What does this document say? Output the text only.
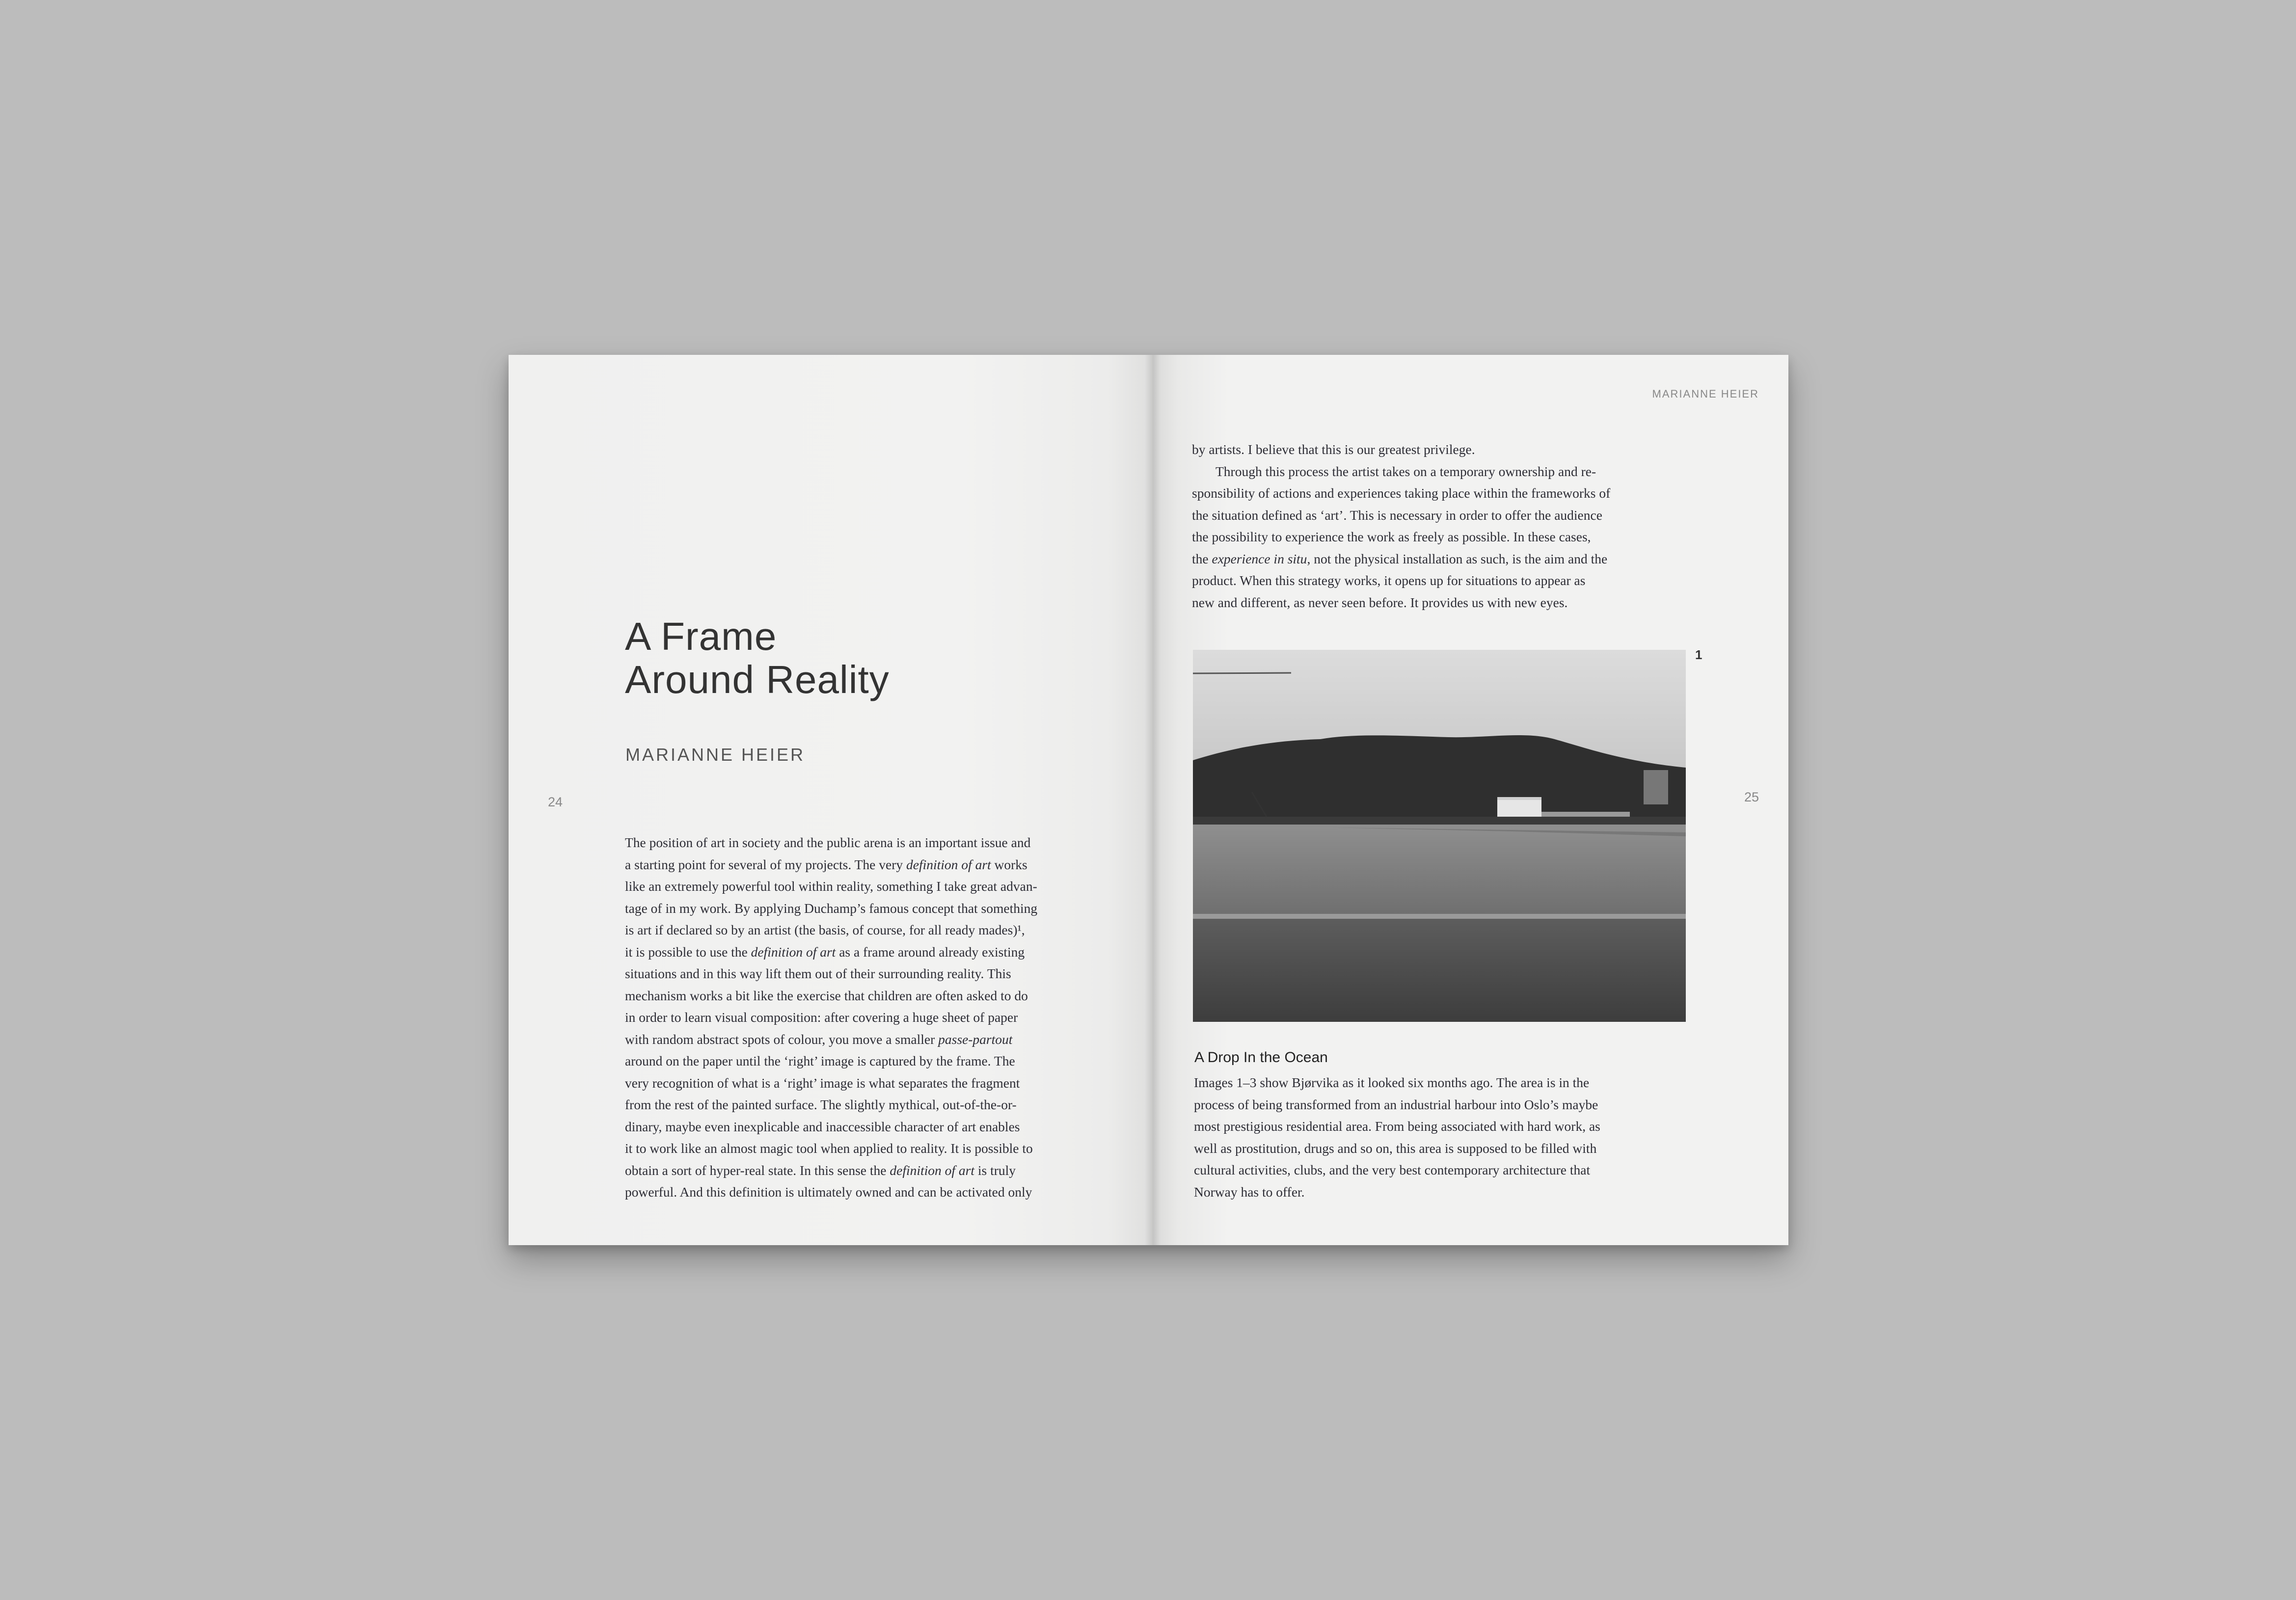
A Frame
Around Reality
MARIANNE HEIER
24
The position of art in society and the public arena is an important issue and
a starting point for several of my projects. The very definition of art works
like an extremely powerful tool within reality, something I take great advan-
tage of in my work. By applying Duchamp’s famous concept that something
is art if declared so by an artist (the basis, of course, for all ready mades)¹,
it is possible to use the definition of art as a frame around already existing
situations and in this way lift them out of their surrounding reality. This
mechanism works a bit like the exercise that children are often asked to do
in order to learn visual composition: after covering a huge sheet of paper
with random abstract spots of colour, you move a smaller passe-partout
around on the paper until the ‘right’ image is captured by the frame. The
very recognition of what is a ‘right’ image is what separates the fragment
from the rest of the painted surface. The slightly mythical, out-of-the-or-
dinary, maybe even inexplicable and inaccessible character of art enables
it to work like an almost magic tool when applied to reality. It is possible to
obtain a sort of hyper-real state. In this sense the definition of art is truly
powerful. And this definition is ultimately owned and can be activated only
MARIANNE HEIER
25
by artists. I believe that this is our greatest privilege.
Through this process the artist takes on a temporary ownership and re-
sponsibility of actions and experiences taking place within the frameworks of
the situation defined as ‘art’. This is necessary in order to offer the audience
the possibility to experience the work as freely as possible. In these cases,
the experience in situ, not the physical installation as such, is the aim and the
product. When this strategy works, it opens up for situations to appear as
new and different, as never seen before. It provides us with new eyes.
1
A Drop In the Ocean
Images 1–3 show Bjørvika as it looked six months ago. The area is in the
process of being transformed from an industrial harbour into Oslo’s maybe
most prestigious residential area. From being associated with hard work, as
well as prostitution, drugs and so on, this area is supposed to be filled with
cultural activities, clubs, and the very best contemporary architecture that
Norway has to offer.
